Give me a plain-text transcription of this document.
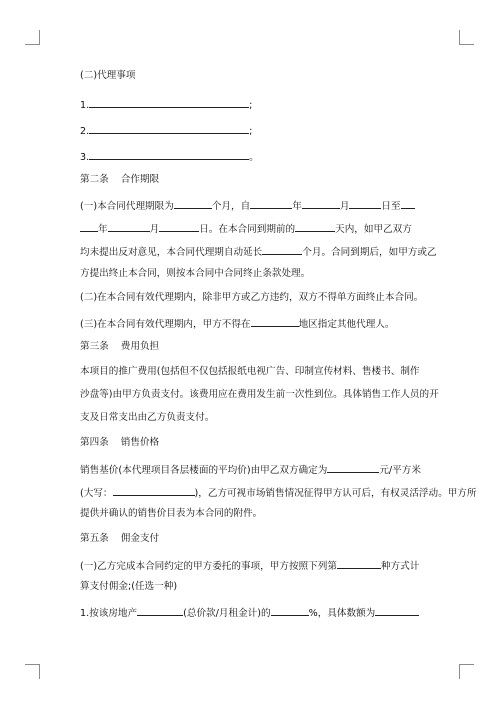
(二)代理事项
1.	;
2.	;
3.	。
第二条 合作期限
(一)本合同代理期限为	个月，自	年	月	日至
年	月	日。在本合同到期前的	天内，如甲乙双方
均未提出反对意见，本合同代理期自动延长	个月。合同到期后，如甲方或乙
方提出终止本合同，则按本合同中合同终止条款处理。
(二)在本合同有效代理期内，除非甲方或乙方违约，双方不得单方面终止本合同。
(三)在本合同有效代理期内，甲方不得在	地区指定其他代理人。
第三条 费用负担
本项目的推广费用(包括但不仅包括报纸电视广告、印制宣传材料、售楼书、制作
沙盘等)由甲方负责支付。该费用应在费用发生前一次性到位。具体销售工作人员的开
支及日常支出由乙方负责支付。
第四条 销售价格
销售基价(本代理项目各层楼面的平均价)由甲乙双方确定为	元/平方米
(大写：	)，乙方可视市场销售情况征得甲方认可后，有权灵活浮动。甲方所
提供并确认的销售价目表为本合同的附件。
第五条 佣金支付
(一)乙方完成本合同约定的甲方委托的事项，甲方按照下列第	种方式计
算支付佣金;(任选一种)
1.按该房地产	(总价款/月租金计)的	%，具体数额为
